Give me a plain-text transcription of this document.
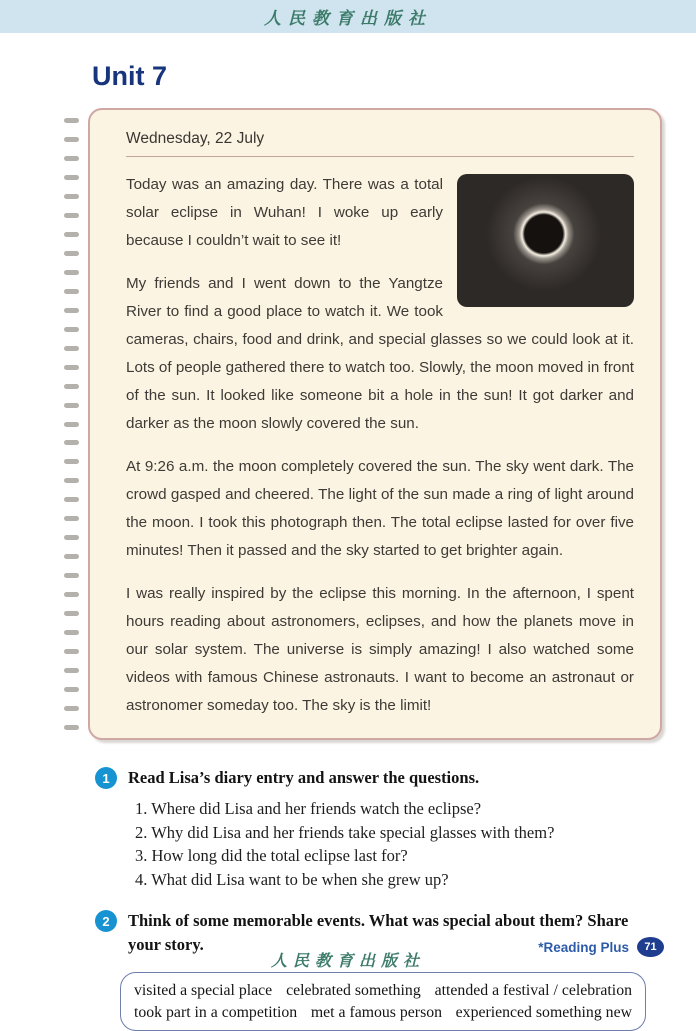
人民教育出版社
Unit 7
Wednesday, 22 July

Today was an amazing day. There was a total solar eclipse in Wuhan! I woke up early because I couldn’t wait to see it!

My friends and I went down to the Yangtze River to find a good place to watch it. We took cameras, chairs, food and drink, and special glasses so we could look at it. Lots of people gathered there to watch too. Slowly, the moon moved in front of the sun. It looked like someone bit a hole in the sun! It got darker and darker as the moon slowly covered the sun.

At 9:26 a.m. the moon completely covered the sun. The sky went dark. The crowd gasped and cheered. The light of the sun made a ring of light around the moon. I took this photograph then. The total eclipse lasted for over five minutes! Then it passed and the sky started to get brighter again.

I was really inspired by the eclipse this morning. In the afternoon, I spent hours reading about astronomers, eclipses, and how the planets move in our solar system. The universe is simply amazing! I also watched some videos with famous Chinese astronauts. I want to become an astronaut or astronomer someday too. The sky is the limit!

1	Read Lisa’s diary entry and answer the questions.
1. Where did Lisa and her friends watch the eclipse?
2. Why did Lisa and her friends take special glasses with them?
3. How long did the total eclipse last for?
4. What did Lisa want to be when she grew up?
2	Think of some memorable events. What was special about them? Share your story.
visited a special place celebrated something attended a festival / celebration
took part in a competition met a famous person experienced something new
*Reading Plus	71
人民教育出版社
